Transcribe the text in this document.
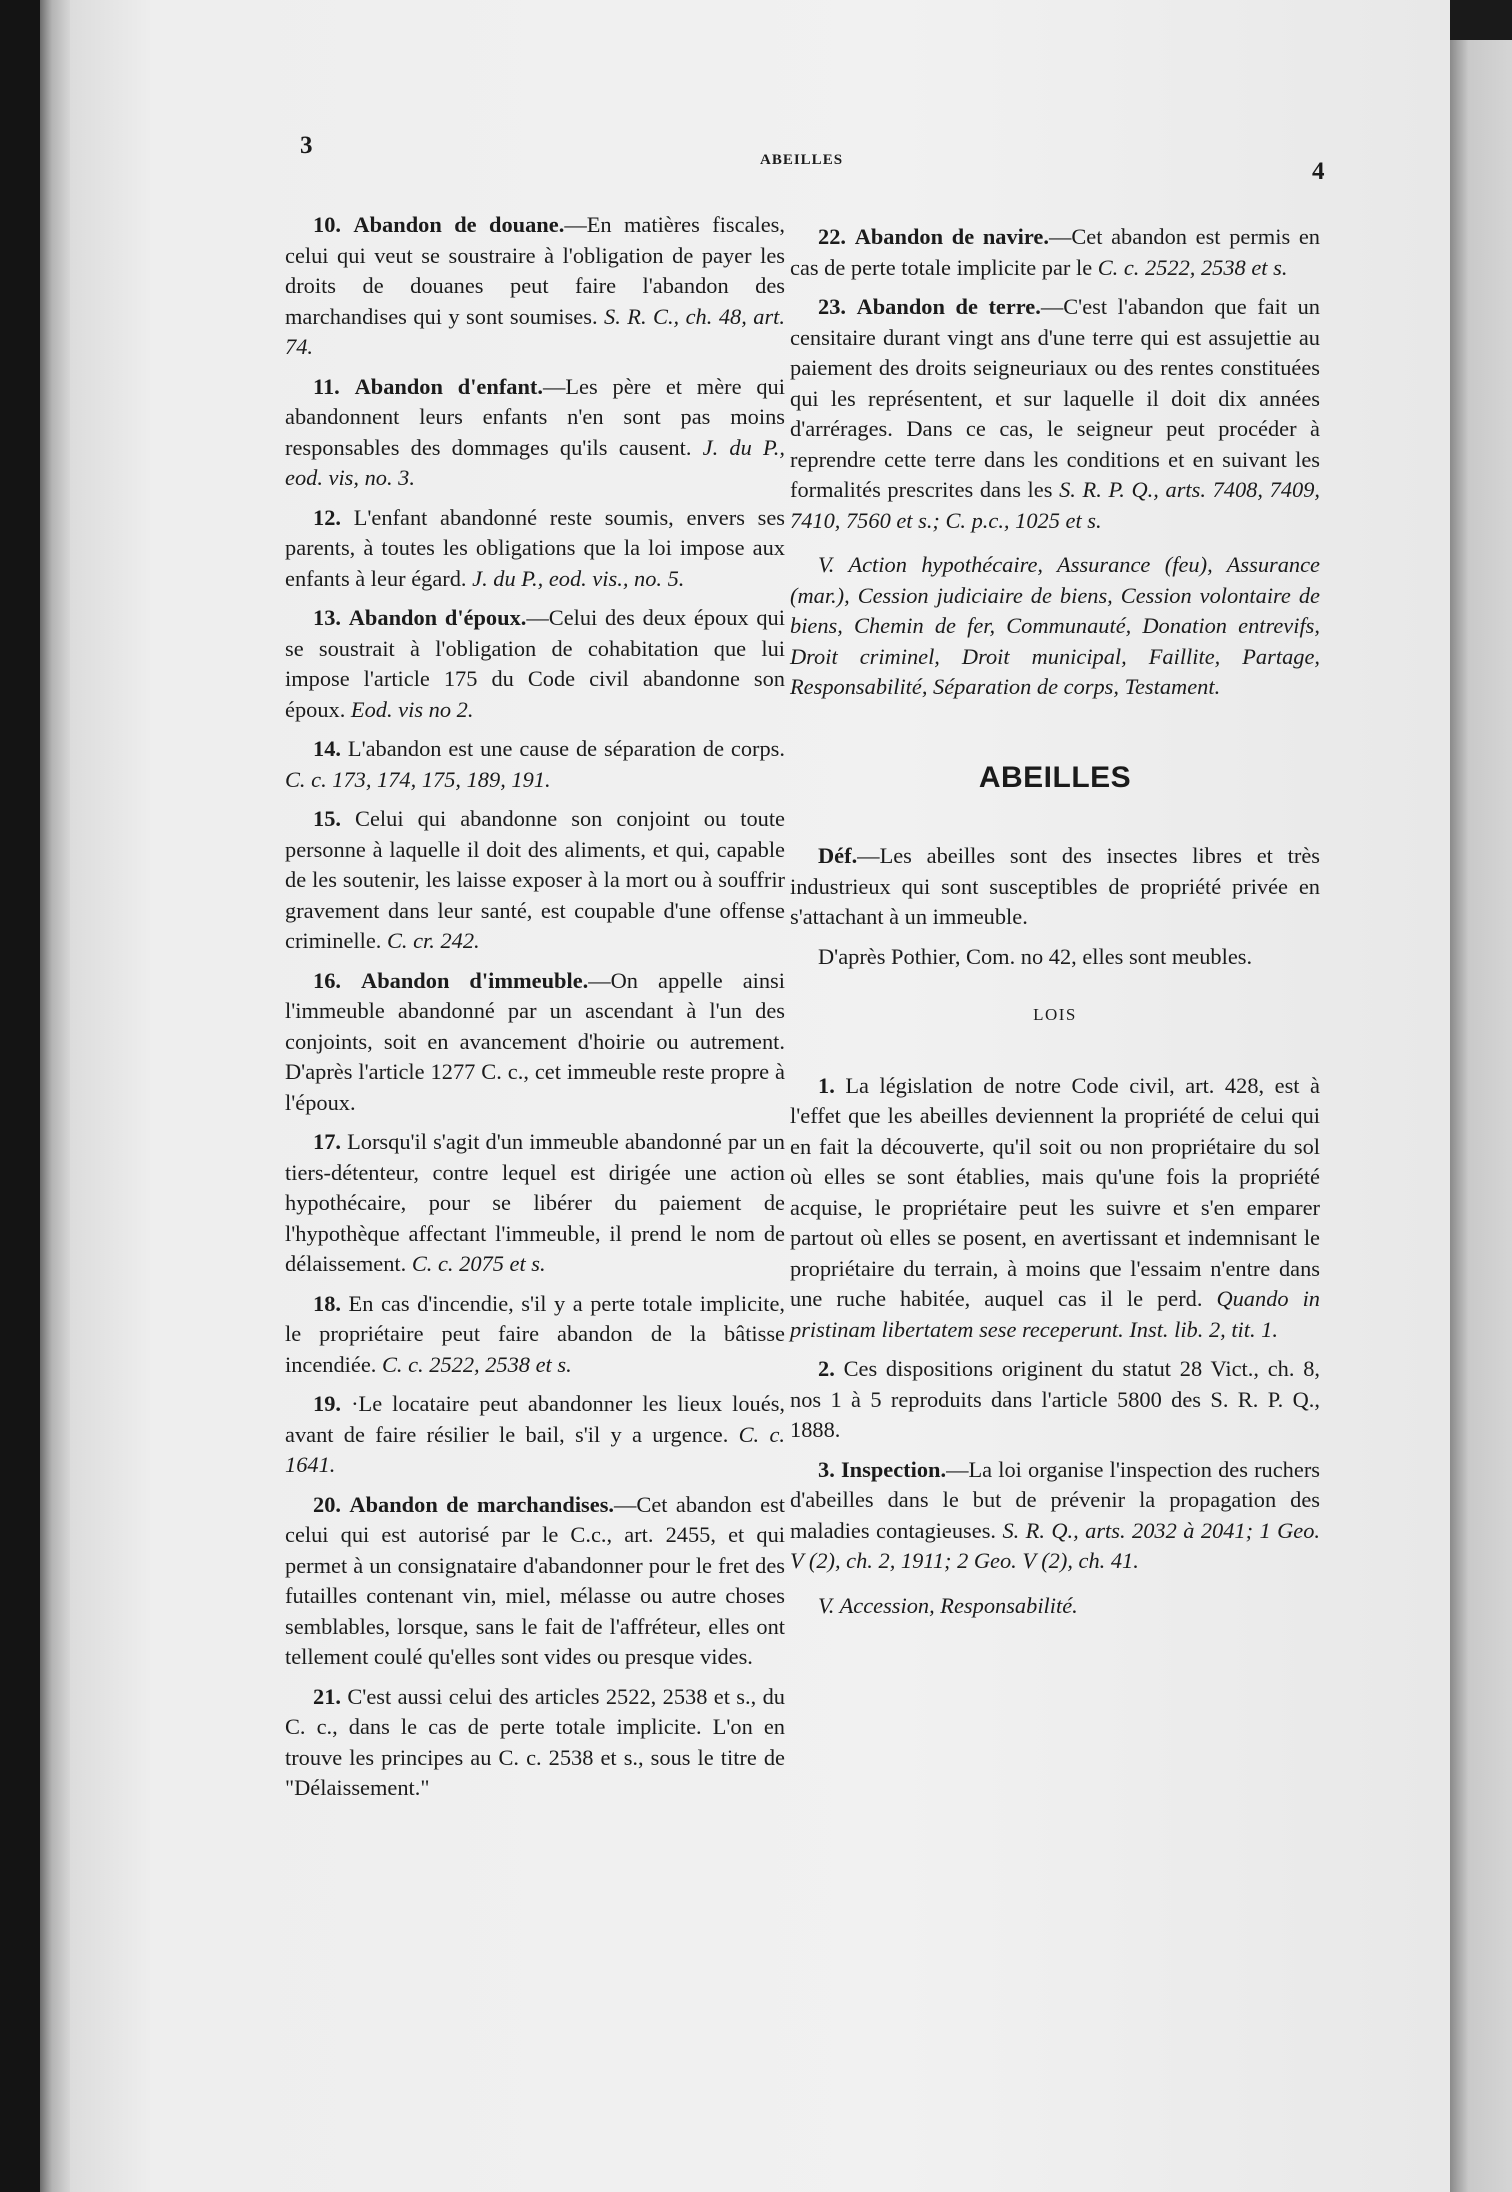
3
ABEILLES	4

10. Abandon de douane.—En matières fiscales, celui qui veut se soustraire à l'obligation de payer les droits de douanes peut faire l'abandon des marchandises qui y sont soumises. S. R. C., ch. 48, art. 74.

11. Abandon d'enfant.—Les père et mère qui abandonnent leurs enfants n'en sont pas moins responsables des dommages qu'ils causent. J. du P., eod. vis, no. 3.

12. L'enfant abandonné reste soumis, envers ses parents, à toutes les obligations que la loi impose aux enfants à leur égard. J. du P., eod. vis., no. 5.

13. Abandon d'époux.—Celui des deux époux qui se soustrait à l'obligation de cohabitation que lui impose l'article 175 du Code civil abandonne son époux. Eod. vis no 2.

14. L'abandon est une cause de séparation de corps. C. c. 173, 174, 175, 189, 191.

15. Celui qui abandonne son conjoint ou toute personne à laquelle il doit des aliments, et qui, capable de les soutenir, les laisse exposer à la mort ou à souffrir gravement dans leur santé, est coupable d'une offense criminelle. C. cr. 242.

16. Abandon d'immeuble.—On appelle ainsi l'immeuble abandonné par un ascendant à l'un des conjoints, soit en avancement d'hoirie ou autrement. D'après l'article 1277 C. c., cet immeuble reste propre à l'époux.

17. Lorsqu'il s'agit d'un immeuble abandonné par un tiers-détenteur, contre lequel est dirigée une action hypothécaire, pour se libérer du paiement de l'hypothèque affectant l'immeuble, il prend le nom de délaissement. C. c. 2075 et s.

18. En cas d'incendie, s'il y a perte totale implicite, le propriétaire peut faire abandon de la bâtisse incendiée. C. c. 2522, 2538 et s.

19. ·Le locataire peut abandonner les lieux loués, avant de faire résilier le bail, s'il y a urgence. C. c. 1641.

20. Abandon de marchandises.—Cet abandon est celui qui est autorisé par le C.c., art. 2455, et qui permet à un consignataire d'abandonner pour le fret des futailles contenant vin, miel, mélasse ou autre choses semblables, lorsque, sans le fait de l'affréteur, elles ont tellement coulé qu'elles sont vides ou presque vides.

21. C'est aussi celui des articles 2522, 2538 et s., du C. c., dans le cas de perte totale implicite. L'on en trouve les principes au C. c. 2538 et s., sous le titre de "Délaissement."

22. Abandon de navire.—Cet abandon est permis en cas de perte totale implicite par le C. c. 2522, 2538 et s.

23. Abandon de terre.—C'est l'abandon que fait un censitaire durant vingt ans d'une terre qui est assujettie au paiement des droits seigneuriaux ou des rentes constituées qui les représentent, et sur laquelle il doit dix années d'arrérages. Dans ce cas, le seigneur peut procéder à reprendre cette terre dans les conditions et en suivant les formalités prescrites dans les S. R. P. Q., arts. 7408, 7409, 7410, 7560 et s.; C. p.c., 1025 et s.

V. Action hypothécaire, Assurance (feu), Assurance (mar.), Cession judiciaire de biens, Cession volontaire de biens, Chemin de fer, Communauté, Donation entrevifs, Droit criminel, Droit municipal, Faillite, Partage, Responsabilité, Séparation de corps, Testament.

ABEILLES

Déf.—Les abeilles sont des insectes libres et très industrieux qui sont susceptibles de propriété privée en s'attachant à un immeuble.

D'après Pothier, Com. no 42, elles sont meubles.

LOIS

1. La législation de notre Code civil, art. 428, est à l'effet que les abeilles deviennent la propriété de celui qui en fait la découverte, qu'il soit ou non propriétaire du sol où elles se sont établies, mais qu'une fois la propriété acquise, le propriétaire peut les suivre et s'en emparer partout où elles se posent, en avertissant et indemnisant le propriétaire du terrain, à moins que l'essaim n'entre dans une ruche habitée, auquel cas il le perd. Quando in pristinam libertatem sese receperunt. Inst. lib. 2, tit. 1.

2. Ces dispositions originent du statut 28 Vict., ch. 8, nos 1 à 5 reproduits dans l'article 5800 des S. R. P. Q., 1888.

3. Inspection.—La loi organise l'inspection des ruchers d'abeilles dans le but de prévenir la propagation des maladies contagieuses. S. R. Q., arts. 2032 à 2041; 1 Geo. V (2), ch. 2, 1911; 2 Geo. V (2), ch. 41.

V. Accession, Responsabilité.
